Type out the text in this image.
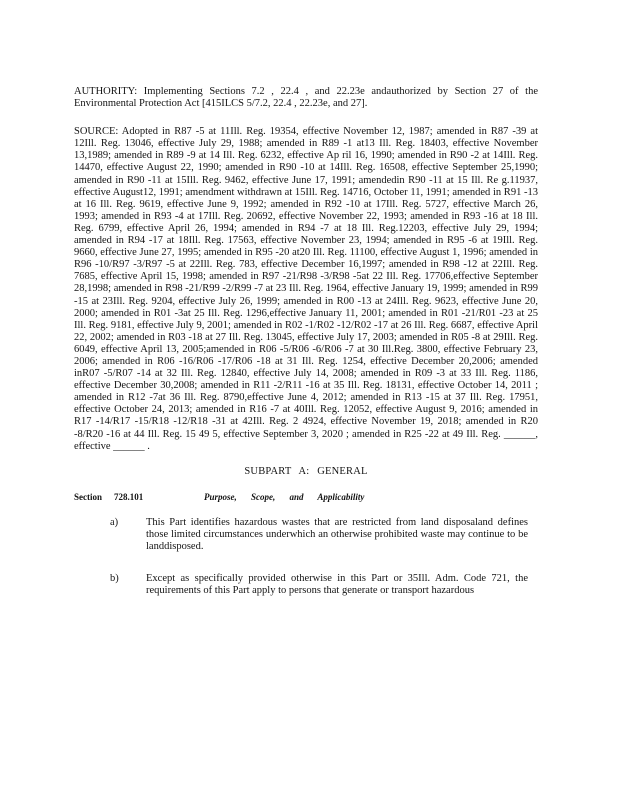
AUTHORITY: Implementing Sections 7.2 , 22.4 , and 22.23e andauthorized by Section 27 of the Environmental Protection Act [415ILCS 5/7.2, 22.4 , 22.23e, and 27].

SOURCE: Adopted in R87 -5 at 11Ill. Reg. 19354, effective November 12, 1987; amended in R87 -39 at 12Ill. Reg. 13046, effective July 29, 1988; amended in R89 -1 at13 Ill. Reg. 18403, effective November 13,1989; amended in R89 -9 at 14 Ill. Reg. 6232, effective Ap ril 16, 1990; amended in R90 -2 at 14Ill. Reg. 14470, effective August 22, 1990; amended in R90 -10 at 14Ill. Reg. 16508, effective September 25,1990; amended in R90 -11 at 15Ill. Reg. 9462, effective June 17, 1991; amendedin R90 -11 at 15 Ill. Re g.11937, effective August12, 1991; amendment withdrawn at 15Ill. Reg. 14716, October 11, 1991; amended in R91 -13 at 16 Ill. Reg. 9619, effective June 9, 1992; amended in R92 -10 at 17Ill. Reg. 5727, effective March 26, 1993; amended in R93 -4 at 17Ill. Reg. 20692, effective November 22, 1993; amended in R93 -16 at 18 Ill. Reg. 6799, effective April 26, 1994; amended in R94 -7 at 18 Ill. Reg.12203, effective July 29, 1994; amended in R94 -17 at 18Ill. Reg. 17563, effective November 23, 1994; amended in R95 -6 at 19Ill. Reg. 9660, effective June 27, 1995; amended in R95 -20 at20 Ill. Reg. 11100, effective August 1, 1996; amended in R96 -10/R97 -3/R97 -5 at 22Ill. Reg. 783, effective December 16,1997; amended in R98 -12 at 22Ill. Reg. 7685, effective April 15, 1998; amended in R97 -21/R98 -3/R98 -5at 22 Ill. Reg. 17706,effective September 28,1998; amended in R98 -21/R99 -2/R99 -7 at 23 Ill. Reg. 1964, effective January 19, 1999; amended in R99 -15 at 23Ill. Reg. 9204, effective July 26, 1999; amended in R00 -13 at 24Ill. Reg. 9623, effective June 20, 2000; amended in R01 -3at 25 Ill. Reg. 1296,effective January 11, 2001; amended in R01 -21/R01 -23 at 25 Ill. Reg. 9181, effective July 9, 2001; amended in R02 -1/R02 -12/R02 -17 at 26 Ill. Reg. 6687, effective April 22, 2002; amended in R03 -18 at 27 Ill. Reg. 13045, effective July 17, 2003; amended in R05 -8 at 29Ill. Reg. 6049, effective April 13, 2005;amended in R06 -5/R06 -6/R06 -7 at 30 Ill.Reg. 3800, effective February 23, 2006; amended in R06 -16/R06 -17/R06 -18 at 31 Ill. Reg. 1254, effective December 20,2006; amended inR07 -5/R07 -14 at 32 Ill. Reg. 12840, effective July 14, 2008; amended in R09 -3 at 33 Ill. Reg. 1186, effective December 30,2008; amended in R11 -2/R11 -16 at 35 Ill. Reg. 18131, effective October 14, 2011 ; amended in R12 -7at 36 Ill. Reg. 8790,effective June 4, 2012; amended in R13 -15 at 37 Ill. Reg. 17951, effective October 24, 2013; amended in R16 -7 at 40Ill. Reg. 12052, effective August 9, 2016; amended in R17 -14/R17 -15/R18 -12/R18 -31 at 42Ill. Reg. 2 4924, effective November 19, 2018; amended in R20 -8/R20 -16 at 44 Ill. Reg. 15 49 5, effective September 3, 2020 ; amended in R25 -22 at 49 Ill. Reg. ______, effective ______ .

SUBPART A: GENERAL

Section	728.101	Purpose, Scope, and Applicability
a)	This Part identifies hazardous wastes that are restricted from land disposaland defines those limited circumstances underwhich an otherwise prohibited waste may continue to be landdisposed.
b)	Except as specifically provided otherwise in this Part or 35Ill. Adm. Code 721, the requirements of this Part apply to persons that generate or transport hazardous
